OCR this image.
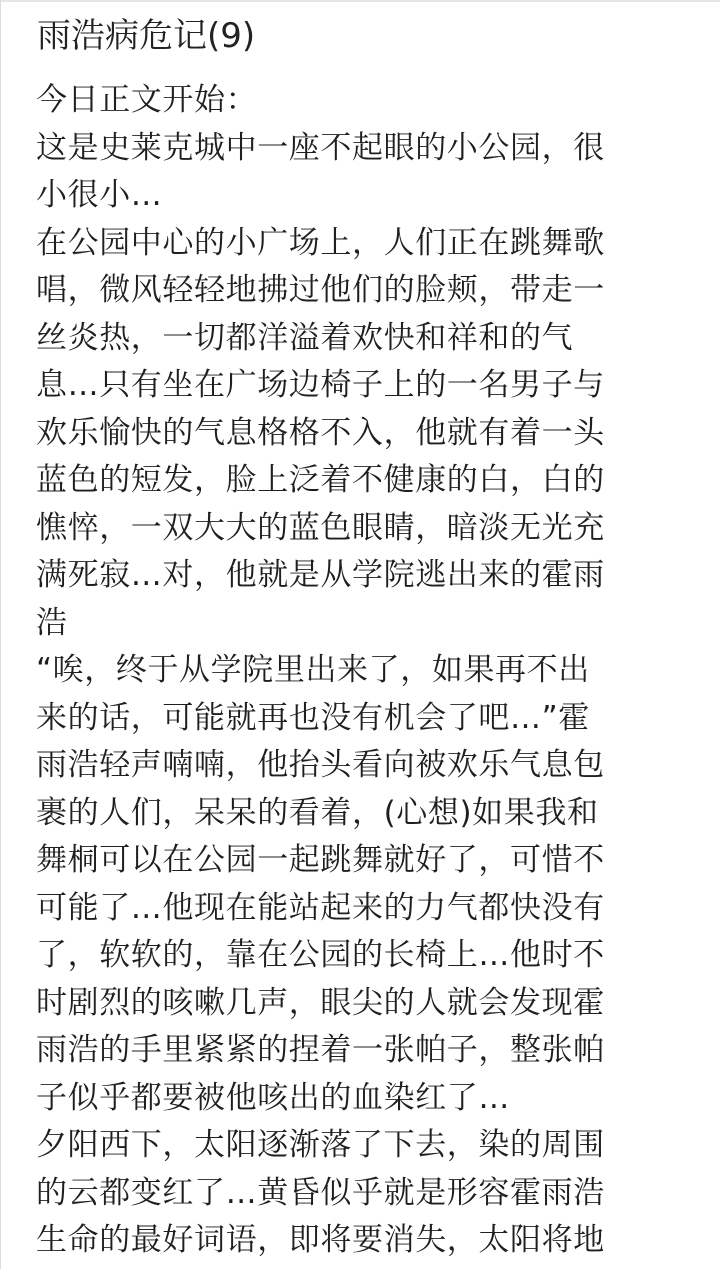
雨浩病危记(9)
今日正文开始：
这是史莱克城中一座不起眼的小公园，很
小很小…
在公园中心的小广场上，人们正在跳舞歌
唱，微风轻轻地拂过他们的脸颊，带走一
丝炎热，一切都洋溢着欢快和祥和的气
息…只有坐在广场边椅子上的一名男子与
欢乐愉快的气息格格不入，他就有着一头
蓝色的短发，脸上泛着不健康的白，白的
憔悴，一双大大的蓝色眼睛，暗淡无光充
满死寂…对，他就是从学院逃出来的霍雨
浩
“唉，终于从学院里出来了，如果再不出
来的话，可能就再也没有机会了吧…”霍
雨浩轻声喃喃，他抬头看向被欢乐气息包
裹的人们，呆呆的看着，(心想)如果我和
舞桐可以在公园一起跳舞就好了，可惜不
可能了…他现在能站起来的力气都快没有
了，软软的，靠在公园的长椅上…他时不
时剧烈的咳嗽几声，眼尖的人就会发现霍
雨浩的手里紧紧的捏着一张帕子，整张帕
子似乎都要被他咳出的血染红了…
夕阳西下，太阳逐渐落了下去，染的周围
的云都变红了…黄昏似乎就是形容霍雨浩
生命的最好词语，即将要消失，太阳将地
